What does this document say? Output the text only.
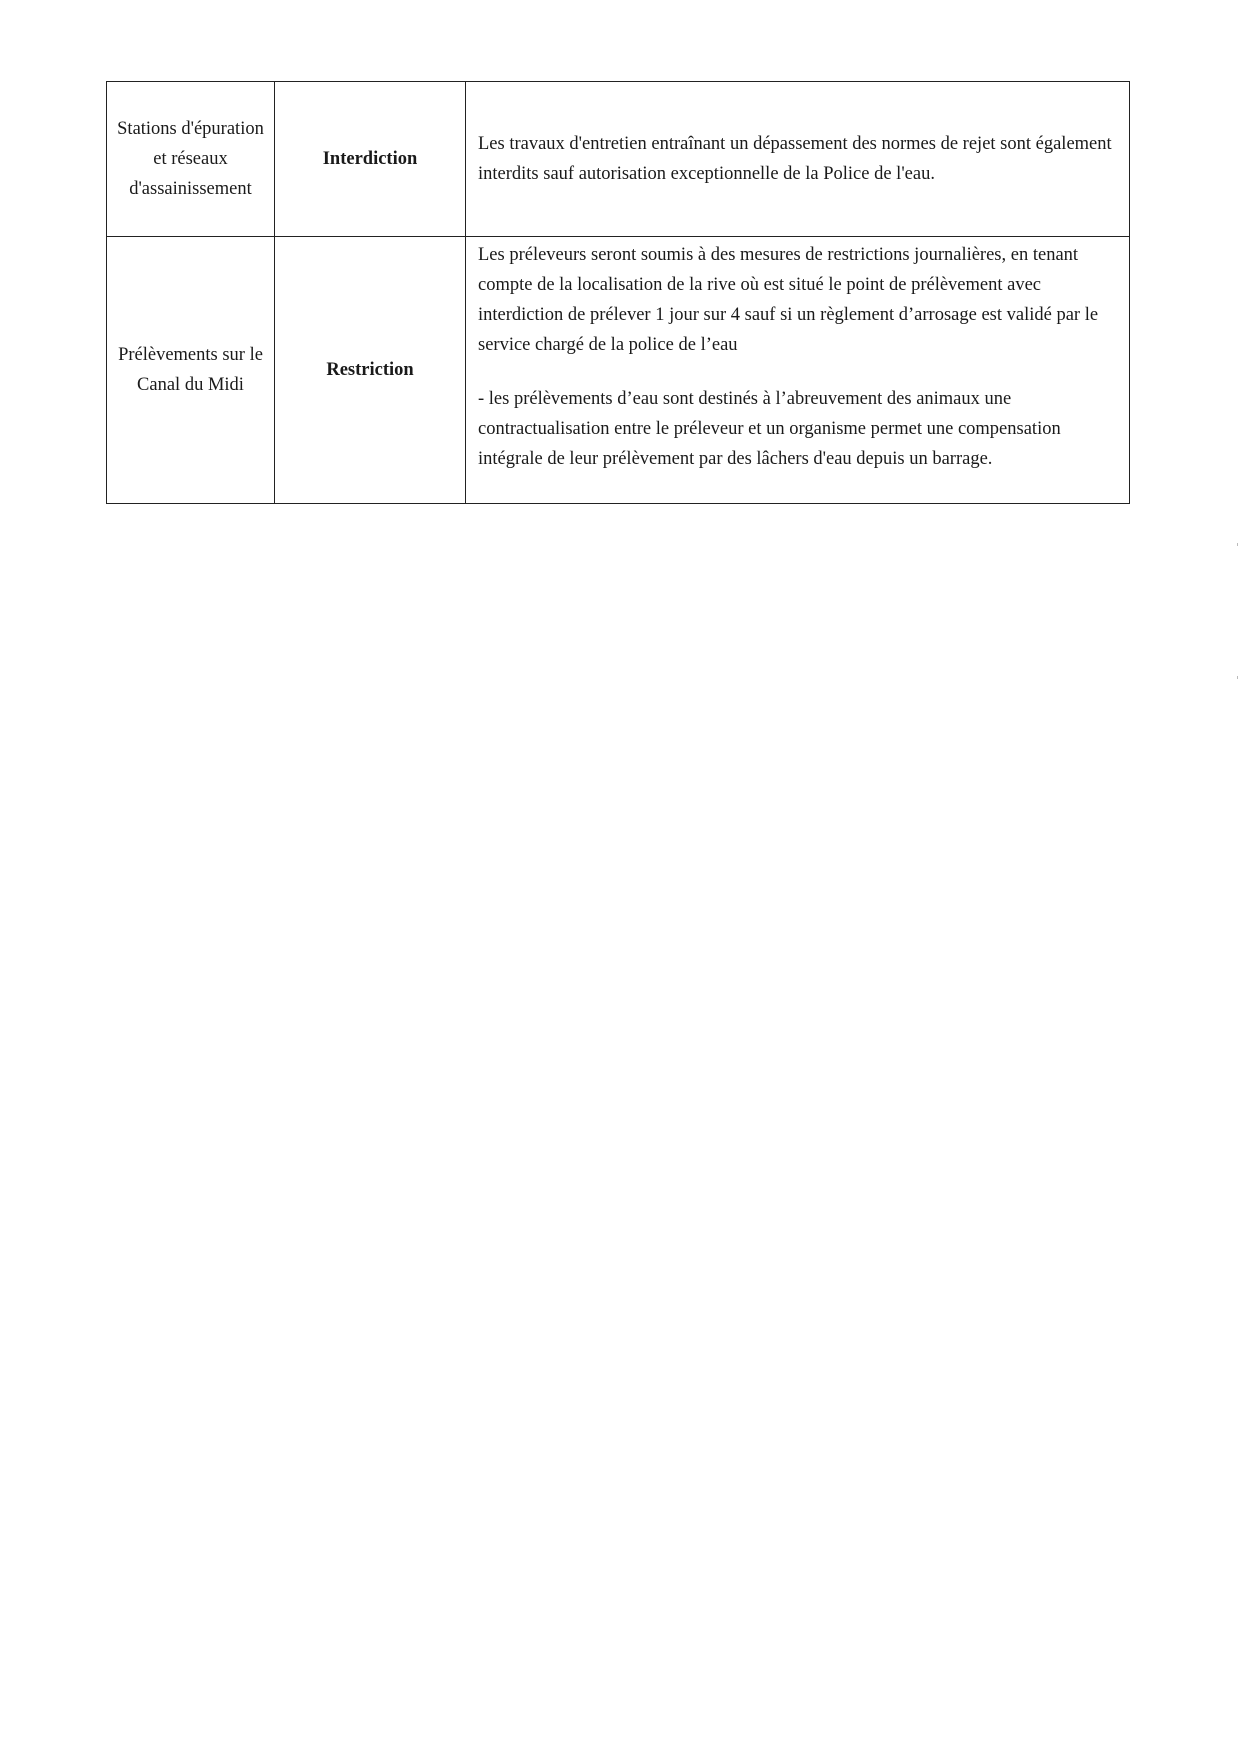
Stations d'épuration et réseaux d'assainissement	Interdiction	Les travaux d'entretien entraînant un dépassement des normes de rejet sont également interdits sauf autorisation exceptionnelle de la Police de l'eau.

Prélèvements sur le Canal du Midi	Restriction	Les préleveurs seront soumis à des mesures de restrictions journalières, en tenant compte de la localisation de la rive où est situé le point de prélèvement avec interdiction de prélever 1 jour sur 4 sauf si un règlement d’arrosage est validé par le service chargé de la police de l’eau

- les prélèvements d’eau sont destinés à l’abreuvement des animaux une contractualisation entre le préleveur et un organisme permet une compensation intégrale de leur prélèvement par des lâchers d'eau depuis un barrage.
